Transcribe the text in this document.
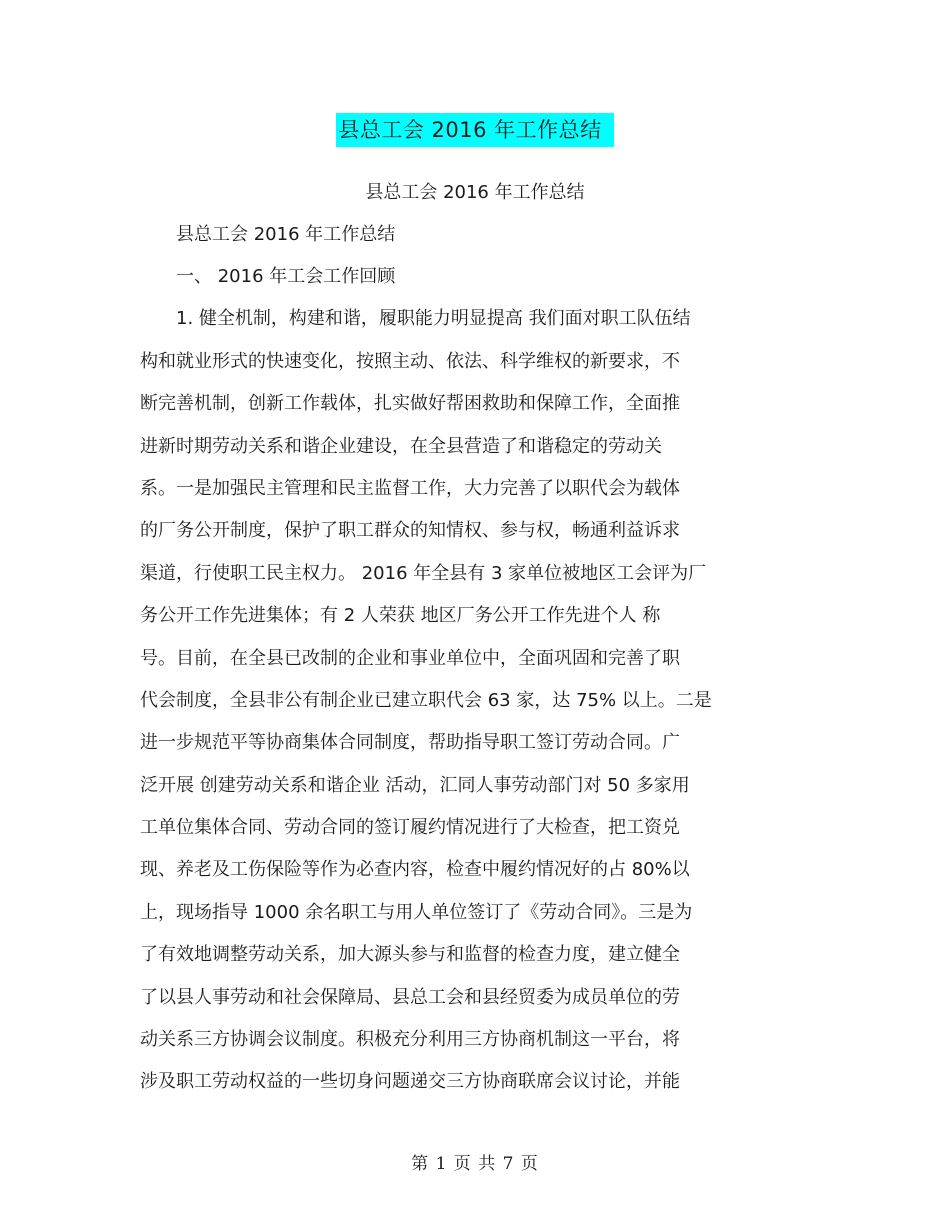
县总工会 2016 年工作总结
县总工会 2016 年工作总结
　　县总工会 2016 年工作总结
　　一、 2016 年工会工作回顾
　　1. 健全机制，构建和谐，履职能力明显提高 我们面对职工队伍结
构和就业形式的快速变化，按照主动、依法、科学维权的新要求，不
断完善机制，创新工作载体，扎实做好帮困救助和保障工作，全面推
进新时期劳动关系和谐企业建设，在全县营造了和谐稳定的劳动关
系。一是加强民主管理和民主监督工作，大力完善了以职代会为载体
的厂务公开制度，保护了职工群众的知情权、参与权，畅通利益诉求
渠道，行使职工民主权力。 2016 年全县有 3 家单位被地区工会评为厂
务公开工作先进集体；有 2 人荣获 地区厂务公开工作先进个人 称
号。目前，在全县已改制的企业和事业单位中，全面巩固和完善了职
代会制度，全县非公有制企业已建立职代会 63 家，达 75% 以上。二是
进一步规范平等协商集体合同制度，帮助指导职工签订劳动合同。广
泛开展 创建劳动关系和谐企业 活动，汇同人事劳动部门对 50 多家用
工单位集体合同、劳动合同的签订履约情况进行了大检查，把工资兑
现、养老及工伤保险等作为必查内容，检查中履约情况好的占 80%以
上，现场指导 1000 余名职工与用人单位签订了《劳动合同》。三是为
了有效地调整劳动关系，加大源头参与和监督的检查力度，建立健全
了以县人事劳动和社会保障局、县总工会和县经贸委为成员单位的劳
动关系三方协调会议制度。积极充分利用三方协商机制这一平台，将
涉及职工劳动权益的一些切身问题递交三方协商联席会议讨论，并能
第 1 页 共 7 页
